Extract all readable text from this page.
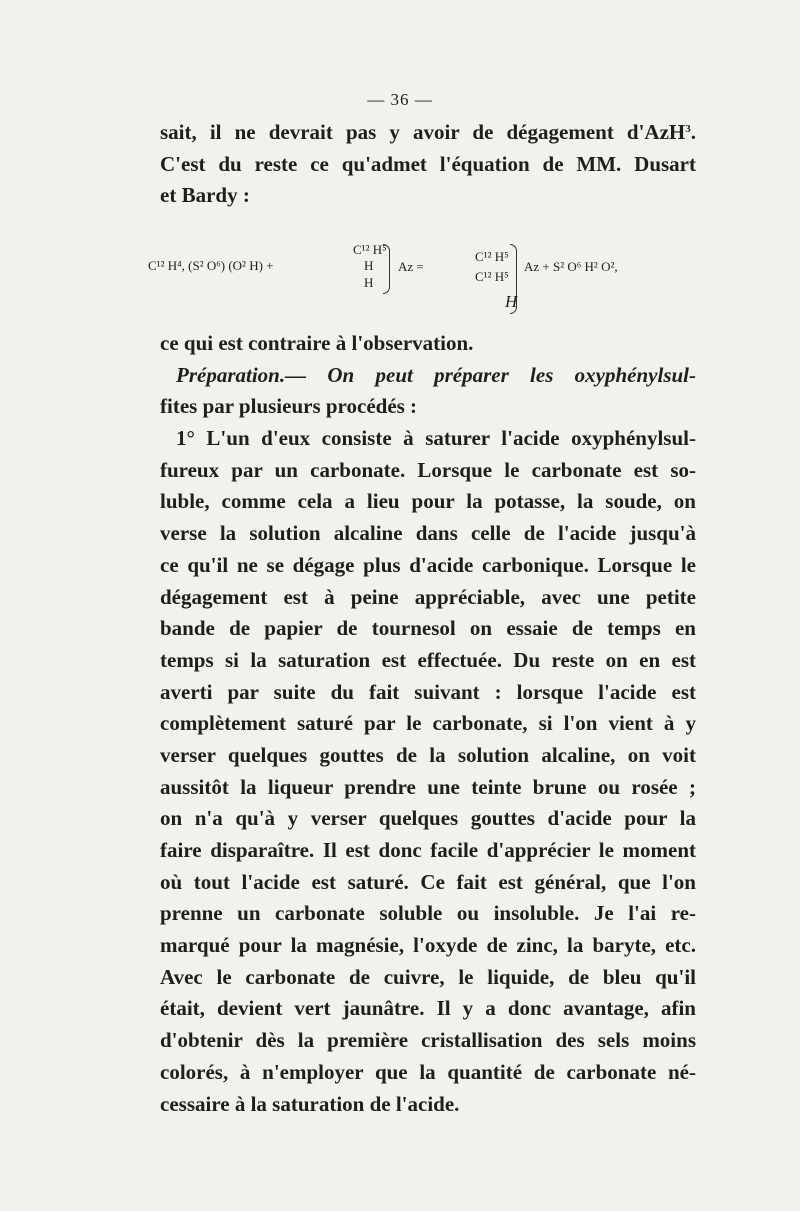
— 36 —
sait, il ne devrait pas y avoir de dégagement d'AzH$^3$.
C'est du reste ce qu'admet l'équation de MM. Dusart
et Bardy :
C¹² H⁴, (S² O⁶) (O² H) +
C¹² H⁵
H
H
Az =
C¹² H⁵
C¹² H⁵
H
Az + S² O⁶ H² O²,
ce qui est contraire à l'observation.
Préparation.— On peut préparer les oxyphénylsul-
fites par plusieurs procédés :
1° L'un d'eux consiste à saturer l'acide oxyphénylsul-
fureux par un carbonate. Lorsque le carbonate est so-
luble, comme cela a lieu pour la potasse, la soude, on
verse la solution alcaline dans celle de l'acide jusqu'à
ce qu'il ne se dégage plus d'acide carbonique. Lorsque le
dégagement est à peine appréciable, avec une petite
bande de papier de tournesol on essaie de temps en
temps si la saturation est effectuée. Du reste on en est
averti par suite du fait suivant : lorsque l'acide est
complètement saturé par le carbonate, si l'on vient à y
verser quelques gouttes de la solution alcaline, on voit
aussitôt la liqueur prendre une teinte brune ou rosée ;
on n'a qu'à y verser quelques gouttes d'acide pour la
faire disparaître. Il est donc facile d'apprécier le moment
où tout l'acide est saturé. Ce fait est général, que l'on
prenne un carbonate soluble ou insoluble. Je l'ai re-
marqué pour la magnésie, l'oxyde de zinc, la baryte, etc.
Avec le carbonate de cuivre, le liquide, de bleu qu'il
était, devient vert jaunâtre. Il y a donc avantage, afin
d'obtenir dès la première cristallisation des sels moins
colorés, à n'employer que la quantité de carbonate né-
cessaire à la saturation de l'acide.
